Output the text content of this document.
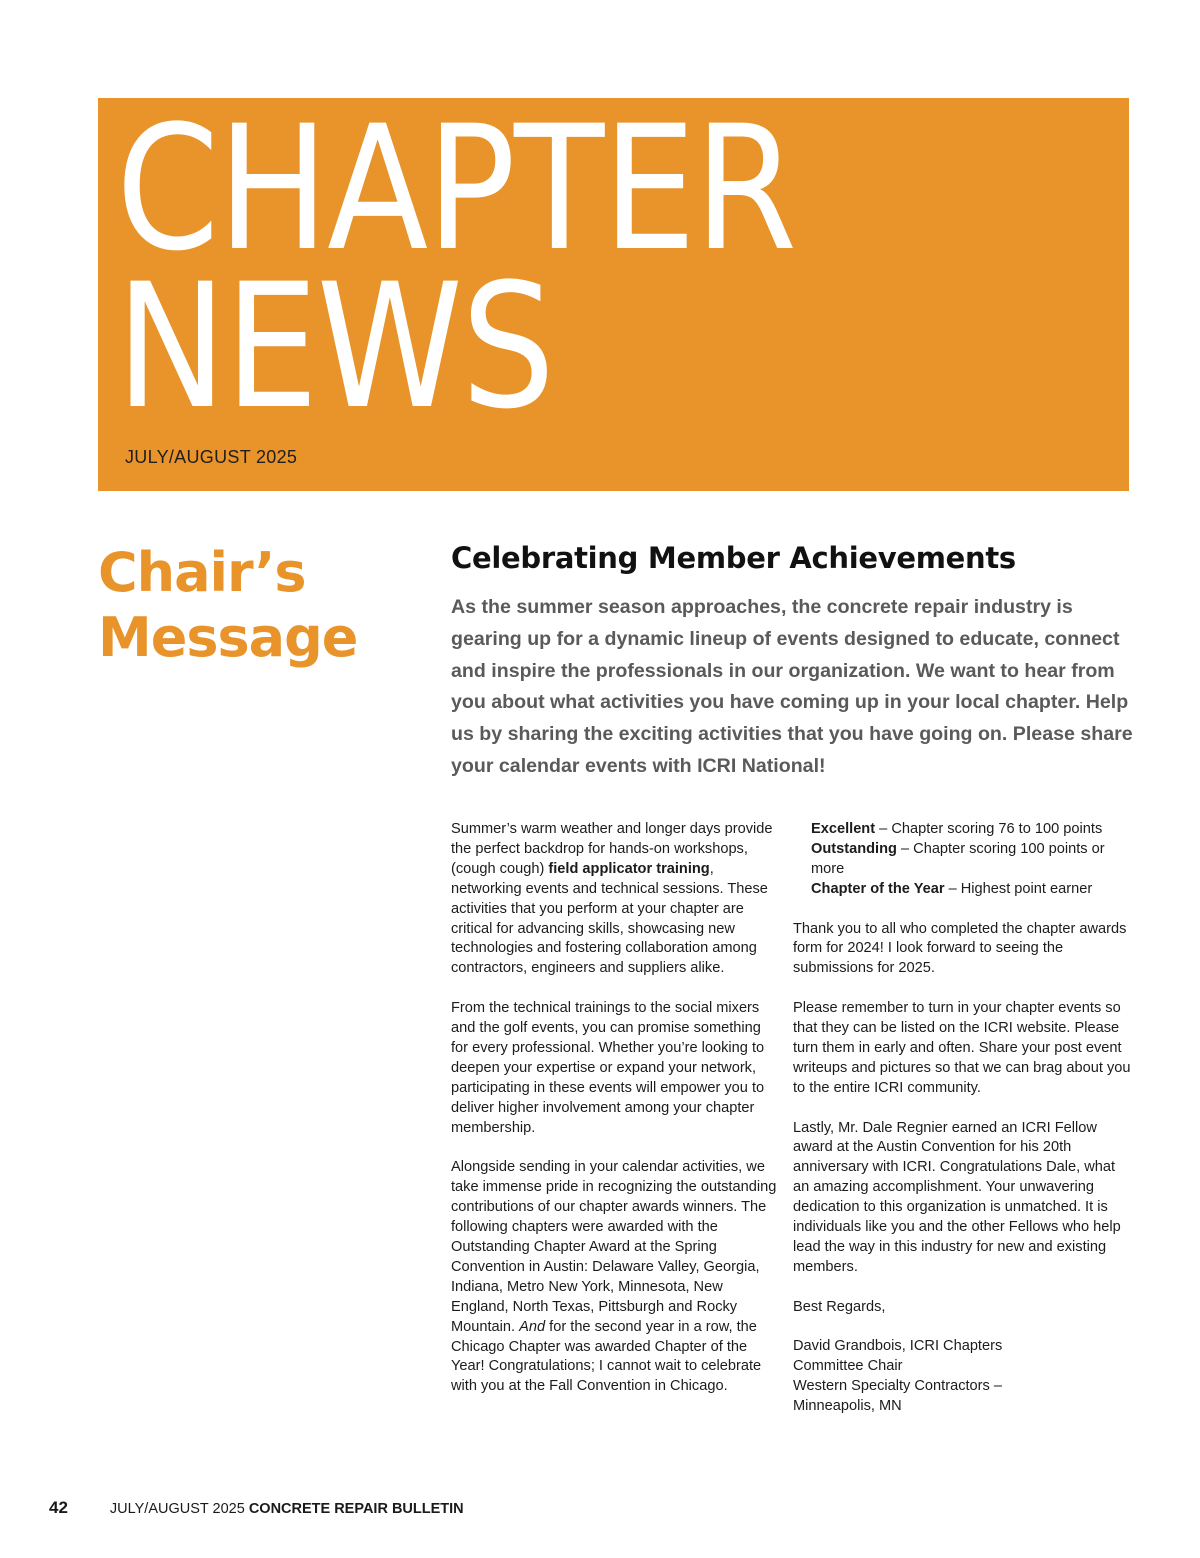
CHAPTER
NEWS
JULY/AUGUST 2025
Chair’s
Message
Celebrating Member Achievements

As the summer season approaches, the concrete repair industry is gearing up for a dynamic lineup of events designed to educate, connect and inspire the professionals in our organization. We want to hear from you about what activities you have coming up in your local chapter. Help us by sharing the exciting activities that you have going on. Please share your calendar events with ICRI National!

Summer’s warm weather and longer days provide the perfect backdrop for hands-on workshops, (cough cough) field applicator training, networking events and technical sessions. These activities that you perform at your chapter are critical for advancing skills, showcasing new technologies and fostering collaboration among contractors, engineers and suppliers alike.

From the technical trainings to the social mixers and the golf events, you can promise something for every professional. Whether you’re looking to deepen your expertise or expand your network, participating in these events will empower you to deliver higher involvement among your chapter membership.

Alongside sending in your calendar activities, we take immense pride in recognizing the outstanding contributions of our chapter awards winners. The following chapters were awarded with the Outstanding Chapter Award at the Spring Convention in Austin: Delaware Valley, Georgia, Indiana, Metro New York, Minnesota, New England, North Texas, Pittsburgh and Rocky Mountain. And for the second year in a row, the Chicago Chapter was awarded Chapter of the Year! Congratulations; I cannot wait to celebrate with you at the Fall Convention in Chicago.

Excellent – Chapter scoring 76 to 100 points
Outstanding – Chapter scoring 100 points or more
Chapter of the Year – Highest point earner

Thank you to all who completed the chapter awards form for 2024! I look forward to seeing the submissions for 2025.

Please remember to turn in your chapter events so that they can be listed on the ICRI website. Please turn them in early and often. Share your post event writeups and pictures so that we can brag about you to the entire ICRI community.

Lastly, Mr. Dale Regnier earned an ICRI Fellow award at the Austin Convention for his 20th anniversary with ICRI. Congratulations Dale, what an amazing accomplishment. Your unwavering dedication to this organization is unmatched. It is individuals like you and the other Fellows who help lead the way in this industry for new and existing members.

Best Regards,

David Grandbois, ICRI Chapters
Committee Chair
Western Specialty Contractors –
Minneapolis, MN

42	JULY/AUGUST 2025 CONCRETE REPAIR BULLETIN
